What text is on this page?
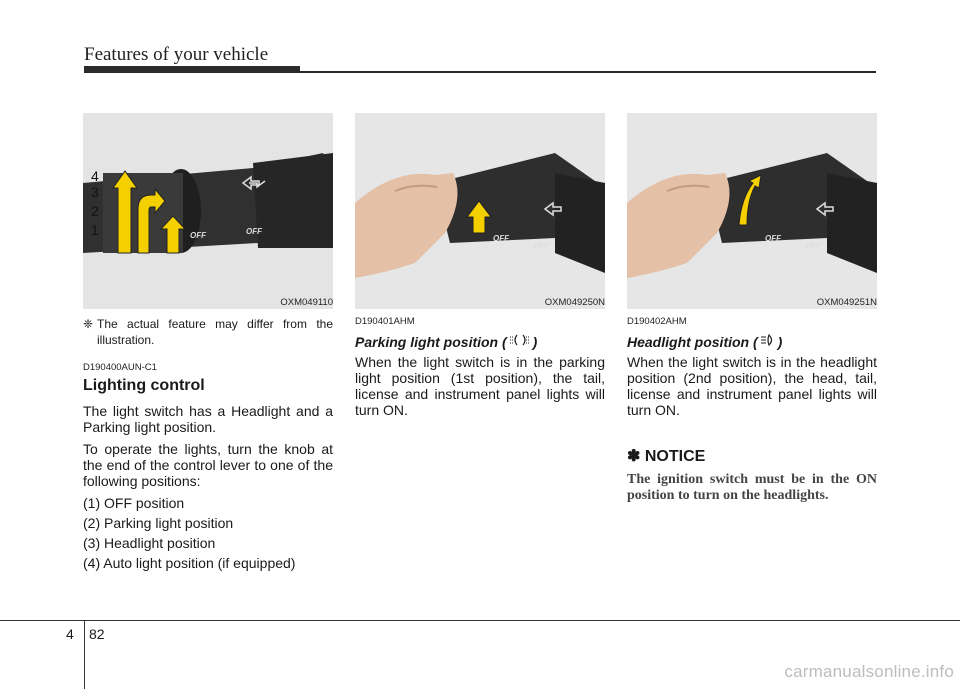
Features of your vehicle
OFF
OFF
4
3
2
1
OXM049110
OFF
OFF
OXM049250N
OFF
OFF
OXM049251N
❈ The actual feature may differ from the illustration.
D190400AUN-C1
Lighting control

The light switch has a Headlight and a Parking light position.

To operate the lights, turn the knob at the end of the control lever to one of the following positions:

(1) OFF position
(2) Parking light position
(3) Headlight position
(4) Auto light position (if equipped)
D190401AHM
Parking light position ( )

When the light switch is in the parking light position (1st position), the tail, license and instrument panel lights will turn ON.

D190402AHM
Headlight position ( )

When the light switch is in the headlight position (2nd position), the head, tail, license and instrument panel lights will turn ON.

✽ NOTICE
The ignition switch must be in the ON position to turn on the headlights.
4 82
carmanualsonline.info
